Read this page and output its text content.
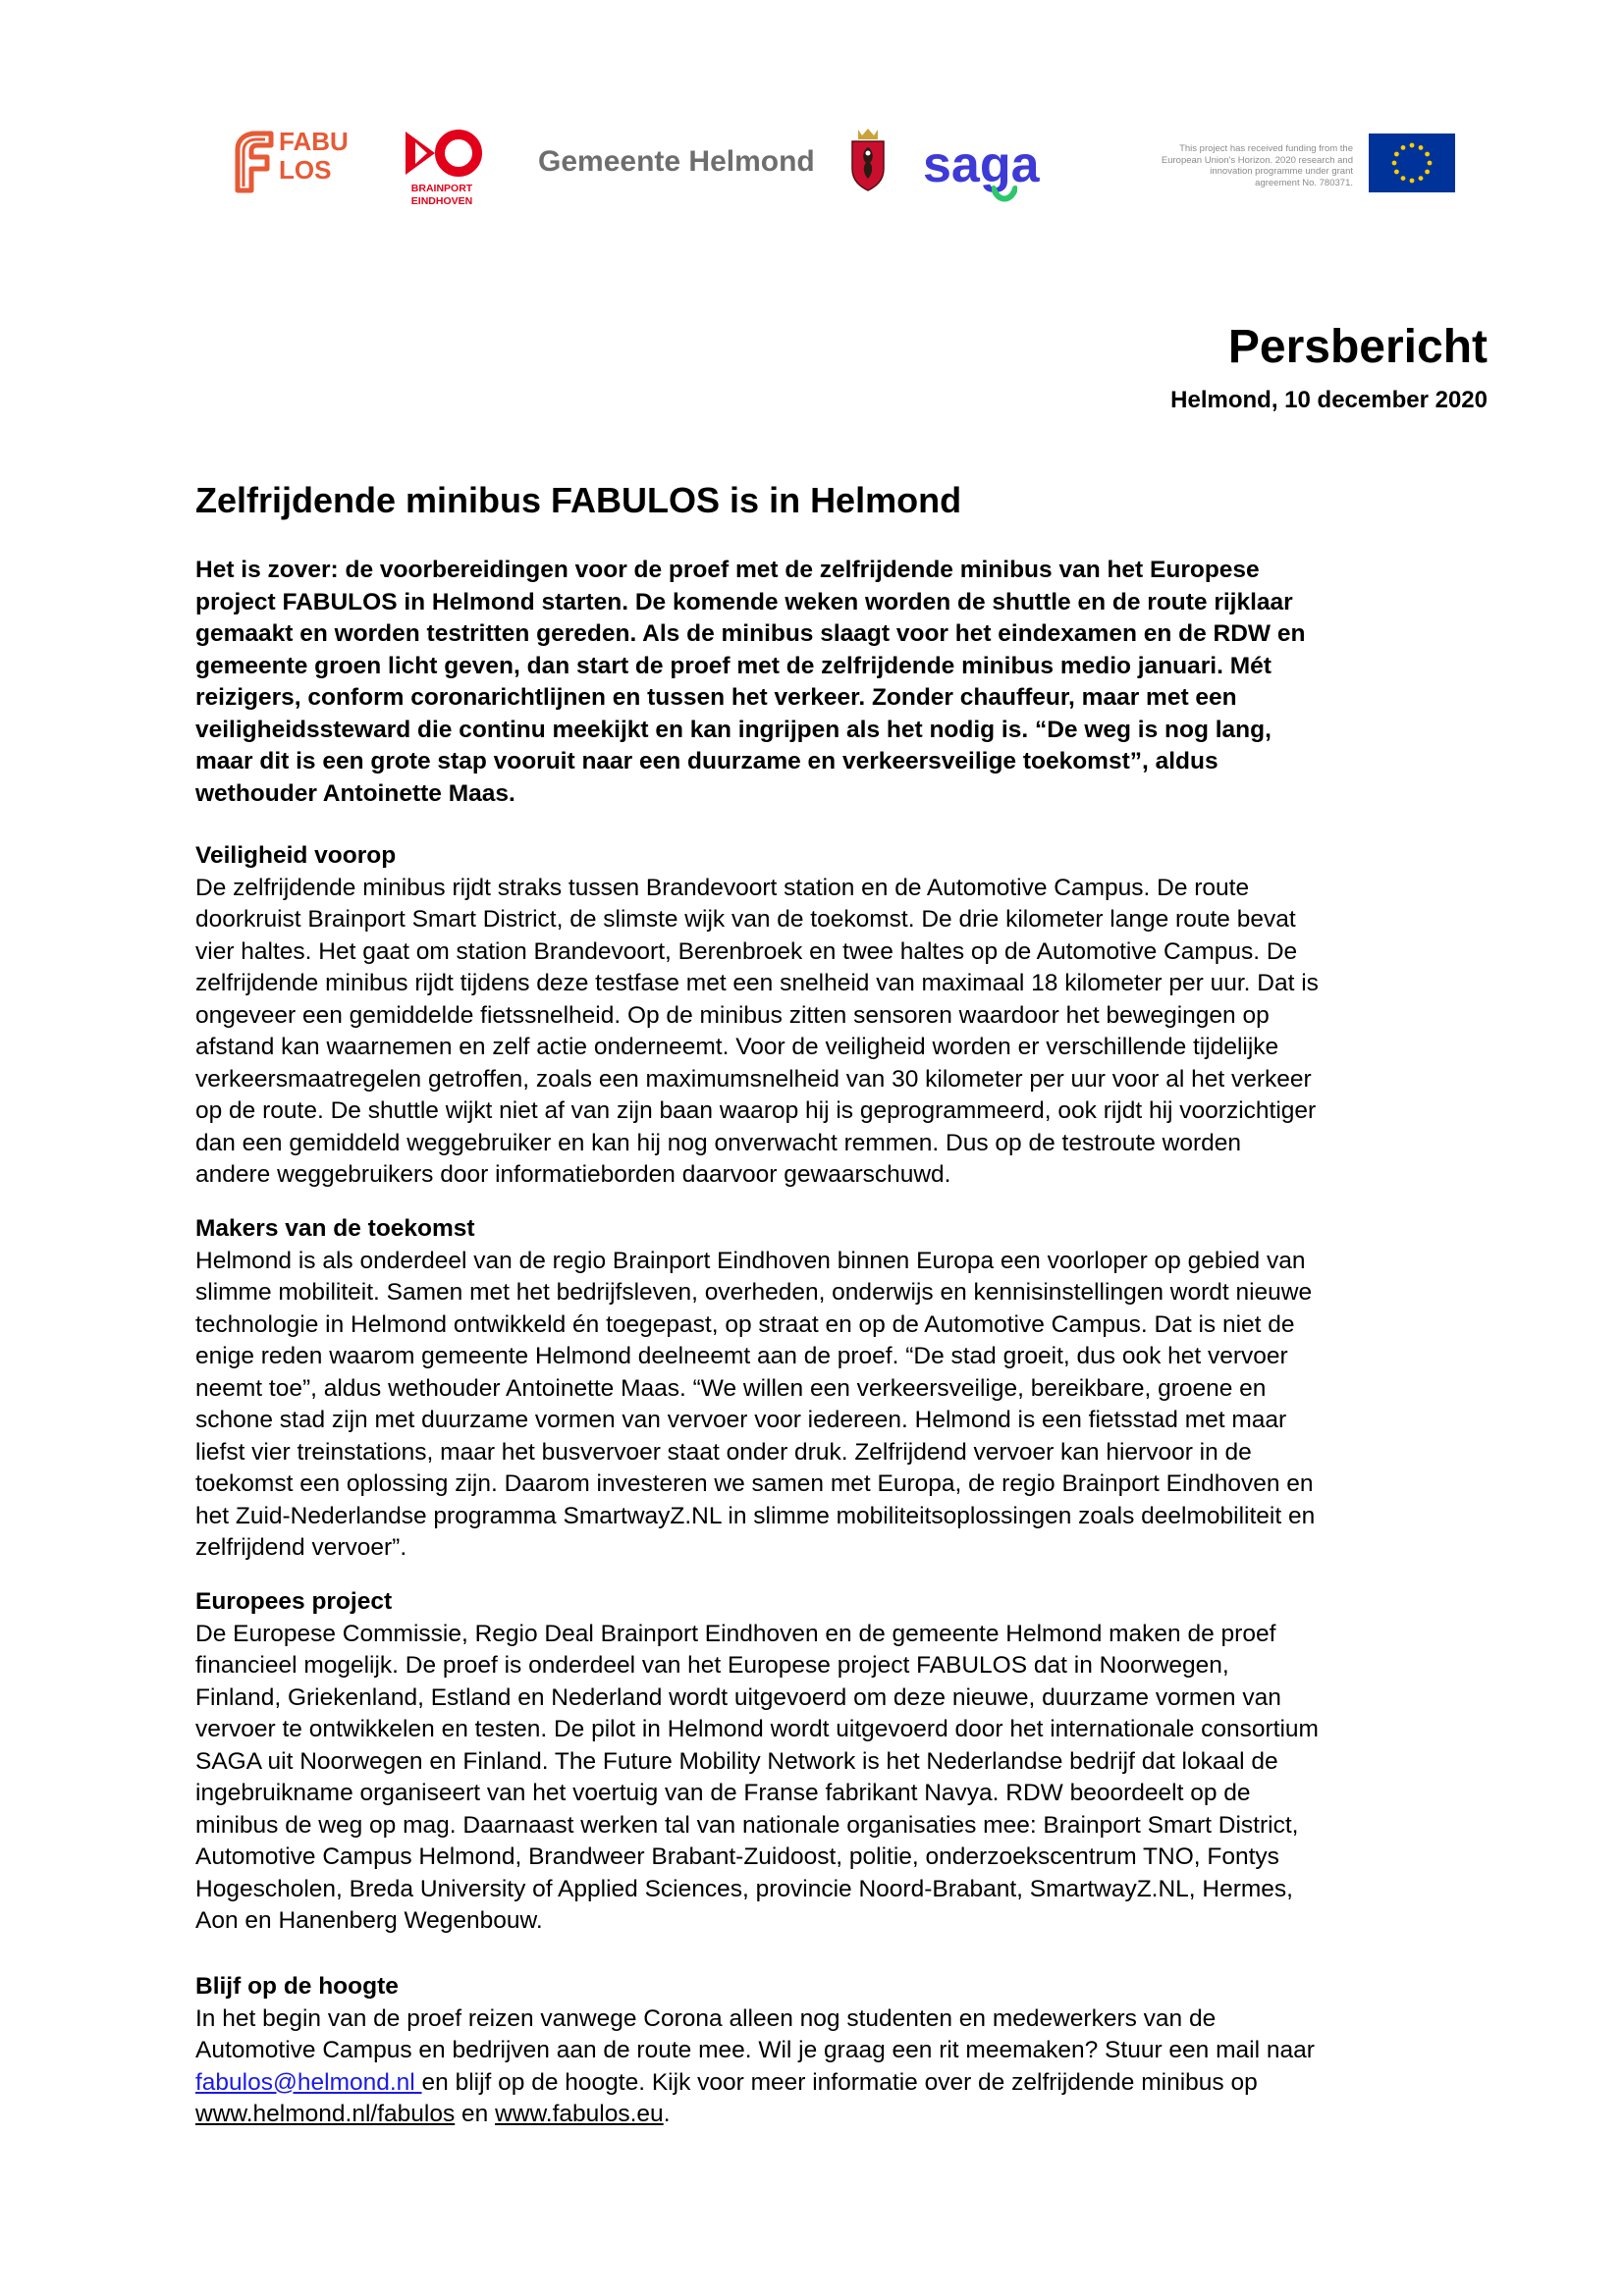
FABU
LOS
BRAINPORT
EINDHOVEN
Gemeente Helmond saga	This project has received funding from the
European Union's Horizon. 2020 research and
innovation programme under grant
agreement No. 780371.
Persbericht
Helmond, 10 december 2020
Zelfrijdende minibus FABULOS is in Helmond
Het is zover: de voorbereidingen voor de proef met de zelfrijdende minibus van het Europese
project FABULOS in Helmond starten. De komende weken worden de shuttle en de route rijklaar
gemaakt en worden testritten gereden. Als de minibus slaagt voor het eindexamen en de RDW en
gemeente groen licht geven, dan start de proef met de zelfrijdende minibus medio januari. Mét
reizigers, conform coronarichtlijnen en tussen het verkeer. Zonder chauffeur, maar met een
veiligheidssteward die continu meekijkt en kan ingrijpen als het nodig is. “De weg is nog lang,
maar dit is een grote stap vooruit naar een duurzame en verkeersveilige toekomst”, aldus
wethouder Antoinette Maas.
Veiligheid voorop
De zelfrijdende minibus rijdt straks tussen Brandevoort station en de Automotive Campus. De route
doorkruist Brainport Smart District, de slimste wijk van de toekomst. De drie kilometer lange route bevat
vier haltes. Het gaat om station Brandevoort, Berenbroek en twee haltes op de Automotive Campus. De
zelfrijdende minibus rijdt tijdens deze testfase met een snelheid van maximaal 18 kilometer per uur. Dat is
ongeveer een gemiddelde fietssnelheid. Op de minibus zitten sensoren waardoor het bewegingen op
afstand kan waarnemen en zelf actie onderneemt. Voor de veiligheid worden er verschillende tijdelijke
verkeersmaatregelen getroffen, zoals een maximumsnelheid van 30 kilometer per uur voor al het verkeer
op de route. De shuttle wijkt niet af van zijn baan waarop hij is geprogrammeerd, ook rijdt hij voorzichtiger
dan een gemiddeld weggebruiker en kan hij nog onverwacht remmen. Dus op de testroute worden
andere weggebruikers door informatieborden daarvoor gewaarschuwd.
Makers van de toekomst
Helmond is als onderdeel van de regio Brainport Eindhoven binnen Europa een voorloper op gebied van
slimme mobiliteit. Samen met het bedrijfsleven, overheden, onderwijs en kennisinstellingen wordt nieuwe
technologie in Helmond ontwikkeld én toegepast, op straat en op de Automotive Campus. Dat is niet de
enige reden waarom gemeente Helmond deelneemt aan de proef. “De stad groeit, dus ook het vervoer
neemt toe”, aldus wethouder Antoinette Maas. “We willen een verkeersveilige, bereikbare, groene en
schone stad zijn met duurzame vormen van vervoer voor iedereen. Helmond is een fietsstad met maar
liefst vier treinstations, maar het busvervoer staat onder druk. Zelfrijdend vervoer kan hiervoor in de
toekomst een oplossing zijn. Daarom investeren we samen met Europa, de regio Brainport Eindhoven en
het Zuid-Nederlandse programma SmartwayZ.NL in slimme mobiliteitsoplossingen zoals deelmobiliteit en
zelfrijdend vervoer”.
Europees project
De Europese Commissie, Regio Deal Brainport Eindhoven en de gemeente Helmond maken de proef
financieel mogelijk. De proef is onderdeel van het Europese project FABULOS dat in Noorwegen,
Finland, Griekenland, Estland en Nederland wordt uitgevoerd om deze nieuwe, duurzame vormen van
vervoer te ontwikkelen en testen. De pilot in Helmond wordt uitgevoerd door het internationale consortium
SAGA uit Noorwegen en Finland. The Future Mobility Network is het Nederlandse bedrijf dat lokaal de
ingebruikname organiseert van het voertuig van de Franse fabrikant Navya. RDW beoordeelt op de
minibus de weg op mag. Daarnaast werken tal van nationale organisaties mee: Brainport Smart District,
Automotive Campus Helmond, Brandweer Brabant-Zuidoost, politie, onderzoekscentrum TNO, Fontys
Hogescholen, Breda University of Applied Sciences, provincie Noord-Brabant, SmartwayZ.NL, Hermes,
Aon en Hanenberg Wegenbouw.
Blijf op de hoogte
In het begin van de proef reizen vanwege Corona alleen nog studenten en medewerkers van de
Automotive Campus en bedrijven aan de route mee. Wil je graag een rit meemaken? Stuur een mail naar
fabulos@helmond.nl en blijf op de hoogte. Kijk voor meer informatie over de zelfrijdende minibus op
www.helmond.nl/fabulos en www.fabulos.eu.
